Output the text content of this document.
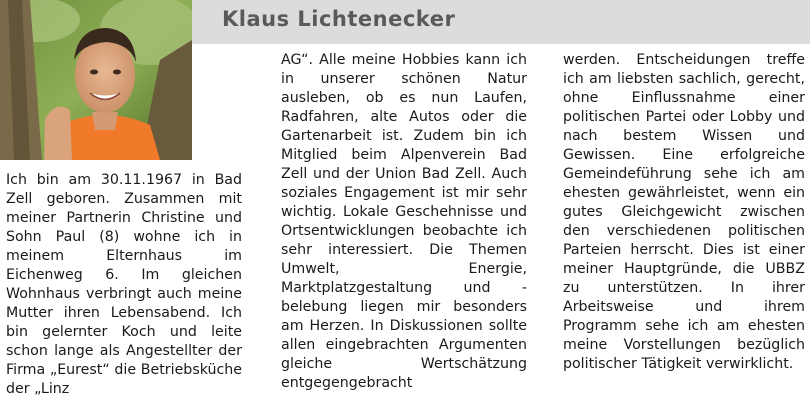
Klaus Lichtenecker

Ich bin am 30.11.1967 in Bad Zell geboren. Zusammen mit meiner Partnerin Christine und Sohn Paul (8) wohne ich in meinem Elternhaus im Eichenweg 6. Im gleichen Wohnhaus verbringt auch meine Mutter ihren Lebensabend. Ich bin gelernter Koch und leite schon lange als Angestellter der Firma „Eurest“ die Betriebsküche der „Linz

AG“. Alle meine Hobbies kann ich in unserer schönen Natur ausleben, ob es nun Laufen, Radfahren, alte Autos oder die Gartenarbeit ist. Zudem bin ich Mitglied beim Alpenverein Bad Zell und der Union Bad Zell. Auch soziales Engagement ist mir sehr wichtig. Lokale Geschehnisse und Ortsentwicklungen beobachte ich sehr interessiert. Die Themen Umwelt, Energie, Marktplatzgestaltung und -belebung liegen mir besonders am Herzen. In Diskussionen sollte allen eingebrachten Argumenten gleiche Wertschätzung entgegengebracht

werden. Entscheidungen treffe ich am liebsten sachlich, gerecht, ohne Einflussnahme einer politischen Partei oder Lobby und nach bestem Wissen und Gewissen. Eine erfolgreiche Gemeindeführung sehe ich am ehesten gewährleistet, wenn ein gutes Gleichgewicht zwischen den verschiedenen politischen Parteien herrscht. Dies ist einer meiner Hauptgründe, die UBBZ zu unterstützen. In ihrer Arbeitsweise und ihrem Programm sehe ich am ehesten meine Vorstellungen bezüglich politischer Tätigkeit verwirklicht.
